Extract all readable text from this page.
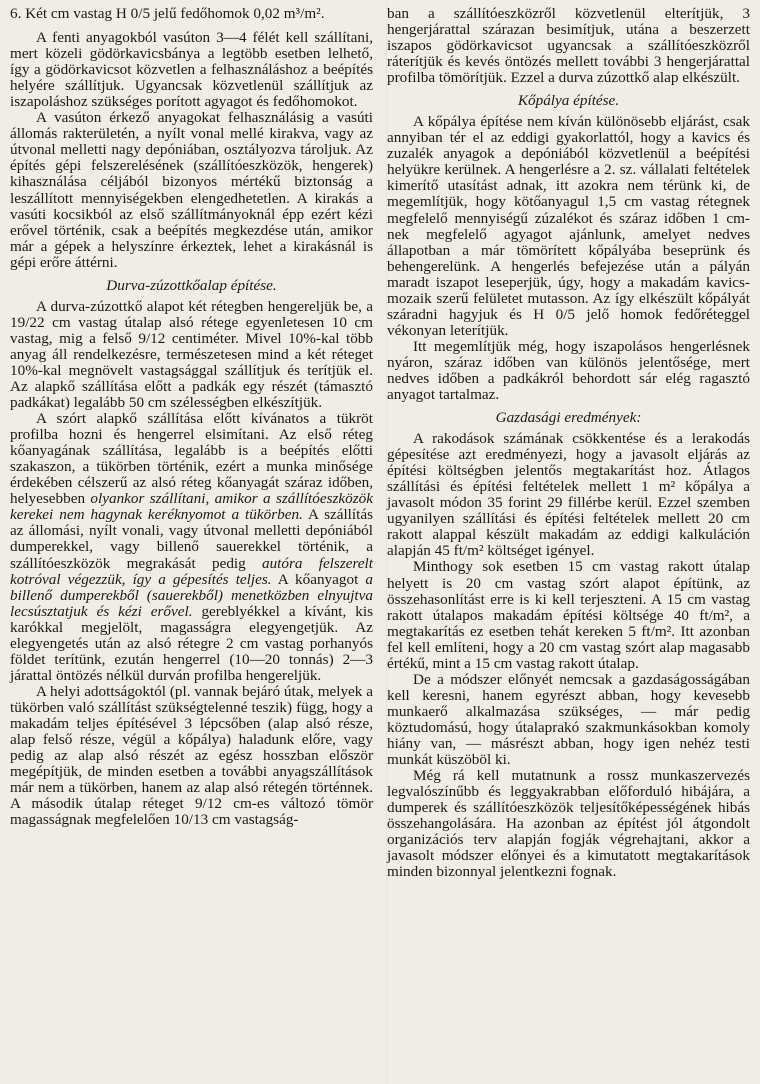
6. Két cm vastag H 0/5 jelű fedőhomok 0,02 m³/m².

A fenti anyagokból vasúton 3—4 félét kell szállítani, mert közeli gödörkavicsbánya a legtöbb esetben lelhető, így a gödörkavicsot közvetlen a felhasználáshoz a beépítés helyére szállítjuk. Ugyancsak közvetlenül szállítjuk az iszapoláshoz szükséges porított agyagot és fedőhomokot.

A vasúton érkező anyagokat felhasználásig a vasúti állomás rakterületén, a nyílt vonal mellé kirakva, vagy az útvonal melletti nagy depóniában, osztályozva tároljuk. Az építés gépi felszerelésének (szállítóeszközök, hengerek) kihasználása céljából bizonyos mértékű biztonság a leszállított mennyiségekben elengedhetetlen. A kirakás a vasúti kocsikból az első szállítmányoknál épp ezért kézi erővel történik, csak a beépítés megkezdése után, amikor már a gépek a helyszínre érkeztek, lehet a kirakásnál is gépi erőre áttérni.

Durva-zúzottkőalap építése.

A durva-zúzottkő alapot két rétegben hengereljük be, a 19/22 cm vastag útalap alsó rétege egyenletesen 10 cm vastag, mig a felső 9/12 centiméter. Mivel 10%-kal több anyag áll rendelkezésre, természetesen mind a két réteget 10%-kal megnövelt vastagsággal szállítjuk és terítjük el. Az alapkő szállítása előtt a padkák egy részét (támasztó padkákat) legalább 50 cm szélességben elkészítjük.

A szórt alapkő szállítása előtt kívánatos a tükröt profilba hozni és hengerrel elsimítani. Az első réteg kőanyagának szállítása, legalább is a beépítés előtti szakaszon, a tükörben történik, ezért a munka minősége érdekében célszerű az alsó réteg kőanyagát száraz időben, helyesebben olyankor szállítani, amikor a szállítóeszközök kerekei nem hagynak keréknyomot a tükörben. A szállítás az állomási, nyílt vonali, vagy útvonal melletti depóniából dumperekkel, vagy billenő sauerekkel történik, a szállítóeszközök megrakását pedig autóra felszerelt kotróval végezzük, így a gépesítés teljes. A kőanyagot a billenő dumperekből (sauerekből) menetközben elnyujtva lecsúsztatjuk és kézi erővel. gereblyékkel a kívánt, kis karókkal megjelölt, magasságra elegyengetjük. Az elegyengetés után az alsó rétegre 2 cm vastag porhanyós földet terítünk, ezután hengerrel (10—20 tonnás) 2—3 járattal öntözés nélkül durván profilba hengereljük.

A helyi adottságoktól (pl. vannak bejáró útak, melyek a tükörben való szállítást szükségtelenné teszik) függ, hogy a makadám teljes építésével 3 lépcsőben (alap alsó része, alap felső része, végül a kőpálya) haladunk előre, vagy pedig az alap alsó részét az egész hosszban először megépítjük, de minden esetben a további anyagszállítások már nem a tükörben, hanem az alap alsó rétegén történnek. A második útalap réteget 9/12 cm-es változó tömör magasságnak megfelelően 10/13 cm vastagság-

ban a szállítóeszközről közvetlenül elterítjük, 3 hengerjárattal szárazan besimítjuk, utána a beszerzett iszapos gödörkavicsot ugyancsak a szállítóeszközről ráterítjük és kevés öntözés mellett további 3 hengerjárattal profilba tömörítjük. Ezzel a durva zúzottkő alap elkészült.

Kőpálya építése.

A kőpálya építése nem kíván különösebb eljárást, csak annyiban tér el az eddigi gyakorlattól, hogy a kavics és zuzalék anyagok a depóniából közvetlenül a beépítési helyükre kerülnek. A hengerlésre a 2. sz. vállalati feltételek kimerítő utasítást adnak, itt azokra nem térünk ki, de megemlítjük, hogy kötőanyagul 1,5 cm vastag rétegnek megfelelő mennyiségű zúzalékot és száraz időben 1 cm-nek megfelelő agyagot ajánlunk, amelyet nedves állapotban a már tömörített kőpályába beseprünk és behengerelünk. A hengerlés befejezése után a pályán maradt iszapot leseperjük, úgy, hogy a makadám kavics-mozaik szerű felületet mutasson. Az így elkészült kőpályát száradni hagyjuk és H 0/5 jelő homok fedőréteggel vékonyan leterítjük.

Itt megemlítjük még, hogy iszapolásos hengerlésnek nyáron, száraz időben van különös jelentősége, mert nedves időben a padkákról behordott sár elég ragasztó anyagot tartalmaz.

Gazdasági eredmények:

A rakodások számának csökkentése és a lerakodás gépesítése azt eredményezi, hogy a javasolt eljárás az építési költségben jelentős megtakarítást hoz. Átlagos szállítási és építési feltételek mellett 1 m² kőpálya a javasolt módon 35 forint 29 fillérbe kerül. Ezzel szemben ugyanilyen szállítási és építési feltételek mellett 20 cm rakott alappal készült makadám az eddigi kalkuláción alapján 45 ft/m² költséget igényel.

Minthogy sok esetben 15 cm vastag rakott útalap helyett is 20 cm vastag szórt alapot építünk, az összehasonlítást erre is ki kell terjeszteni. A 15 cm vastag rakott útalapos makadám építési költsége 40 ft/m², a megtakarítás ez esetben tehát kereken 5 ft/m². Itt azonban fel kell említeni, hogy a 20 cm vastag szórt alap magasabb értékű, mint a 15 cm vastag rakott útalap.

De a módszer előnyét nemcsak a gazdaságosságában kell keresni, hanem egyrészt abban, hogy kevesebb munkaerő alkalmazása szükséges, — már pedig köztudomású, hogy útalaprakó szakmunkásokban komoly hiány van, — másrészt abban, hogy igen nehéz testi munkát küszöböl ki.

Még rá kell mutatnunk a rossz munkaszervezés legvalószínűbb és leggyakrabban előforduló hibájára, a dumperek és szállítóeszközök teljesítőképességének hibás összehangolására. Ha azonban az építést jól átgondolt organizációs terv alapján fogják végrehajtani, akkor a javasolt módszer előnyei és a kimutatott megtakarítások minden bizonnyal jelentkezni fognak.
